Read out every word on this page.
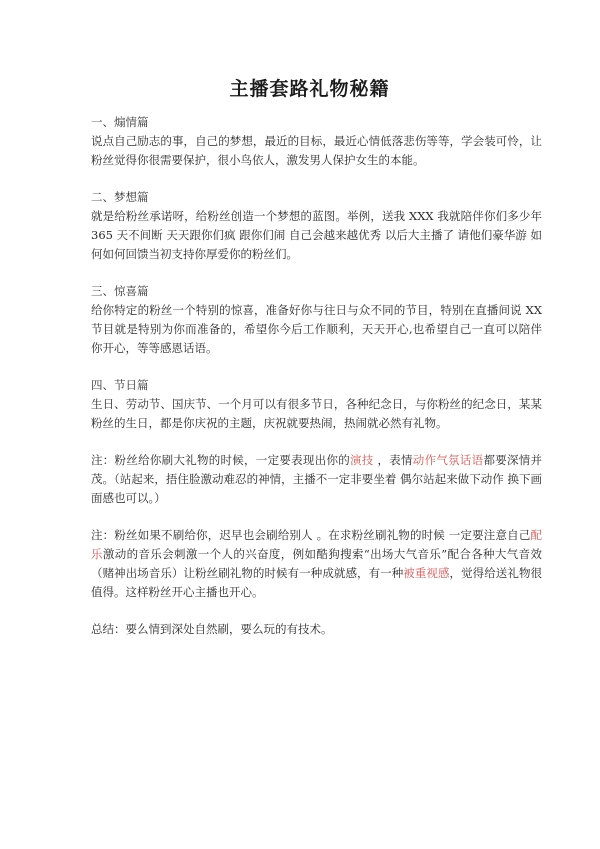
主播套路礼物秘籍
一、煽情篇
说点自己励志的事，自己的梦想，最近的目标，最近心情低落悲伤等等，学会装可怜，让粉丝觉得你很需要保护，很小鸟依人，激发男人保护女生的本能。
二、梦想篇
就是给粉丝承诺呀，给粉丝创造一个梦想的蓝图。举例，送我 XXX 我就陪伴你们多少年 365 天不间断 天天跟你们疯 跟你们闹 自己会越来越优秀 以后大主播了 请他们豪华游 如何如何回馈当初支持你厚爱你的粉丝们。
三、惊喜篇
给你特定的粉丝一个特别的惊喜，准备好你与往日与众不同的节目，特别在直播间说 XX 节目就是特别为你而准备的，希望你今后工作顺利，天天开心,也希望自己一直可以陪伴你开心，等等感恩话语。
四、节日篇
生日、劳动节、国庆节、一个月可以有很多节日，各种纪念日，与你粉丝的纪念日，某某粉丝的生日，都是你庆祝的主题，庆祝就要热闹，热闹就必然有礼物。
注：粉丝给你刷大礼物的时候，一定要表现出你的演技 ，表情动作气氛话语都要深情并茂。（站起来，捂住脸激动难忍的神情，主播不一定非要坐着 偶尔站起来做下动作 换下画面感也可以。）
注：粉丝如果不刷给你，迟早也会刷给别人 。在求粉丝刷礼物的时候 一定要注意自己配乐激动的音乐会刺激一个人的兴奋度，例如酷狗搜索“出场大气音乐”配合各种大气音效（赌神出场音乐）让粉丝刷礼物的时候有一种成就感，有一种被重视感，觉得给送礼物很值得。这样粉丝开心主播也开心。
总结：要么情到深处自然刷，要么玩的有技术。
